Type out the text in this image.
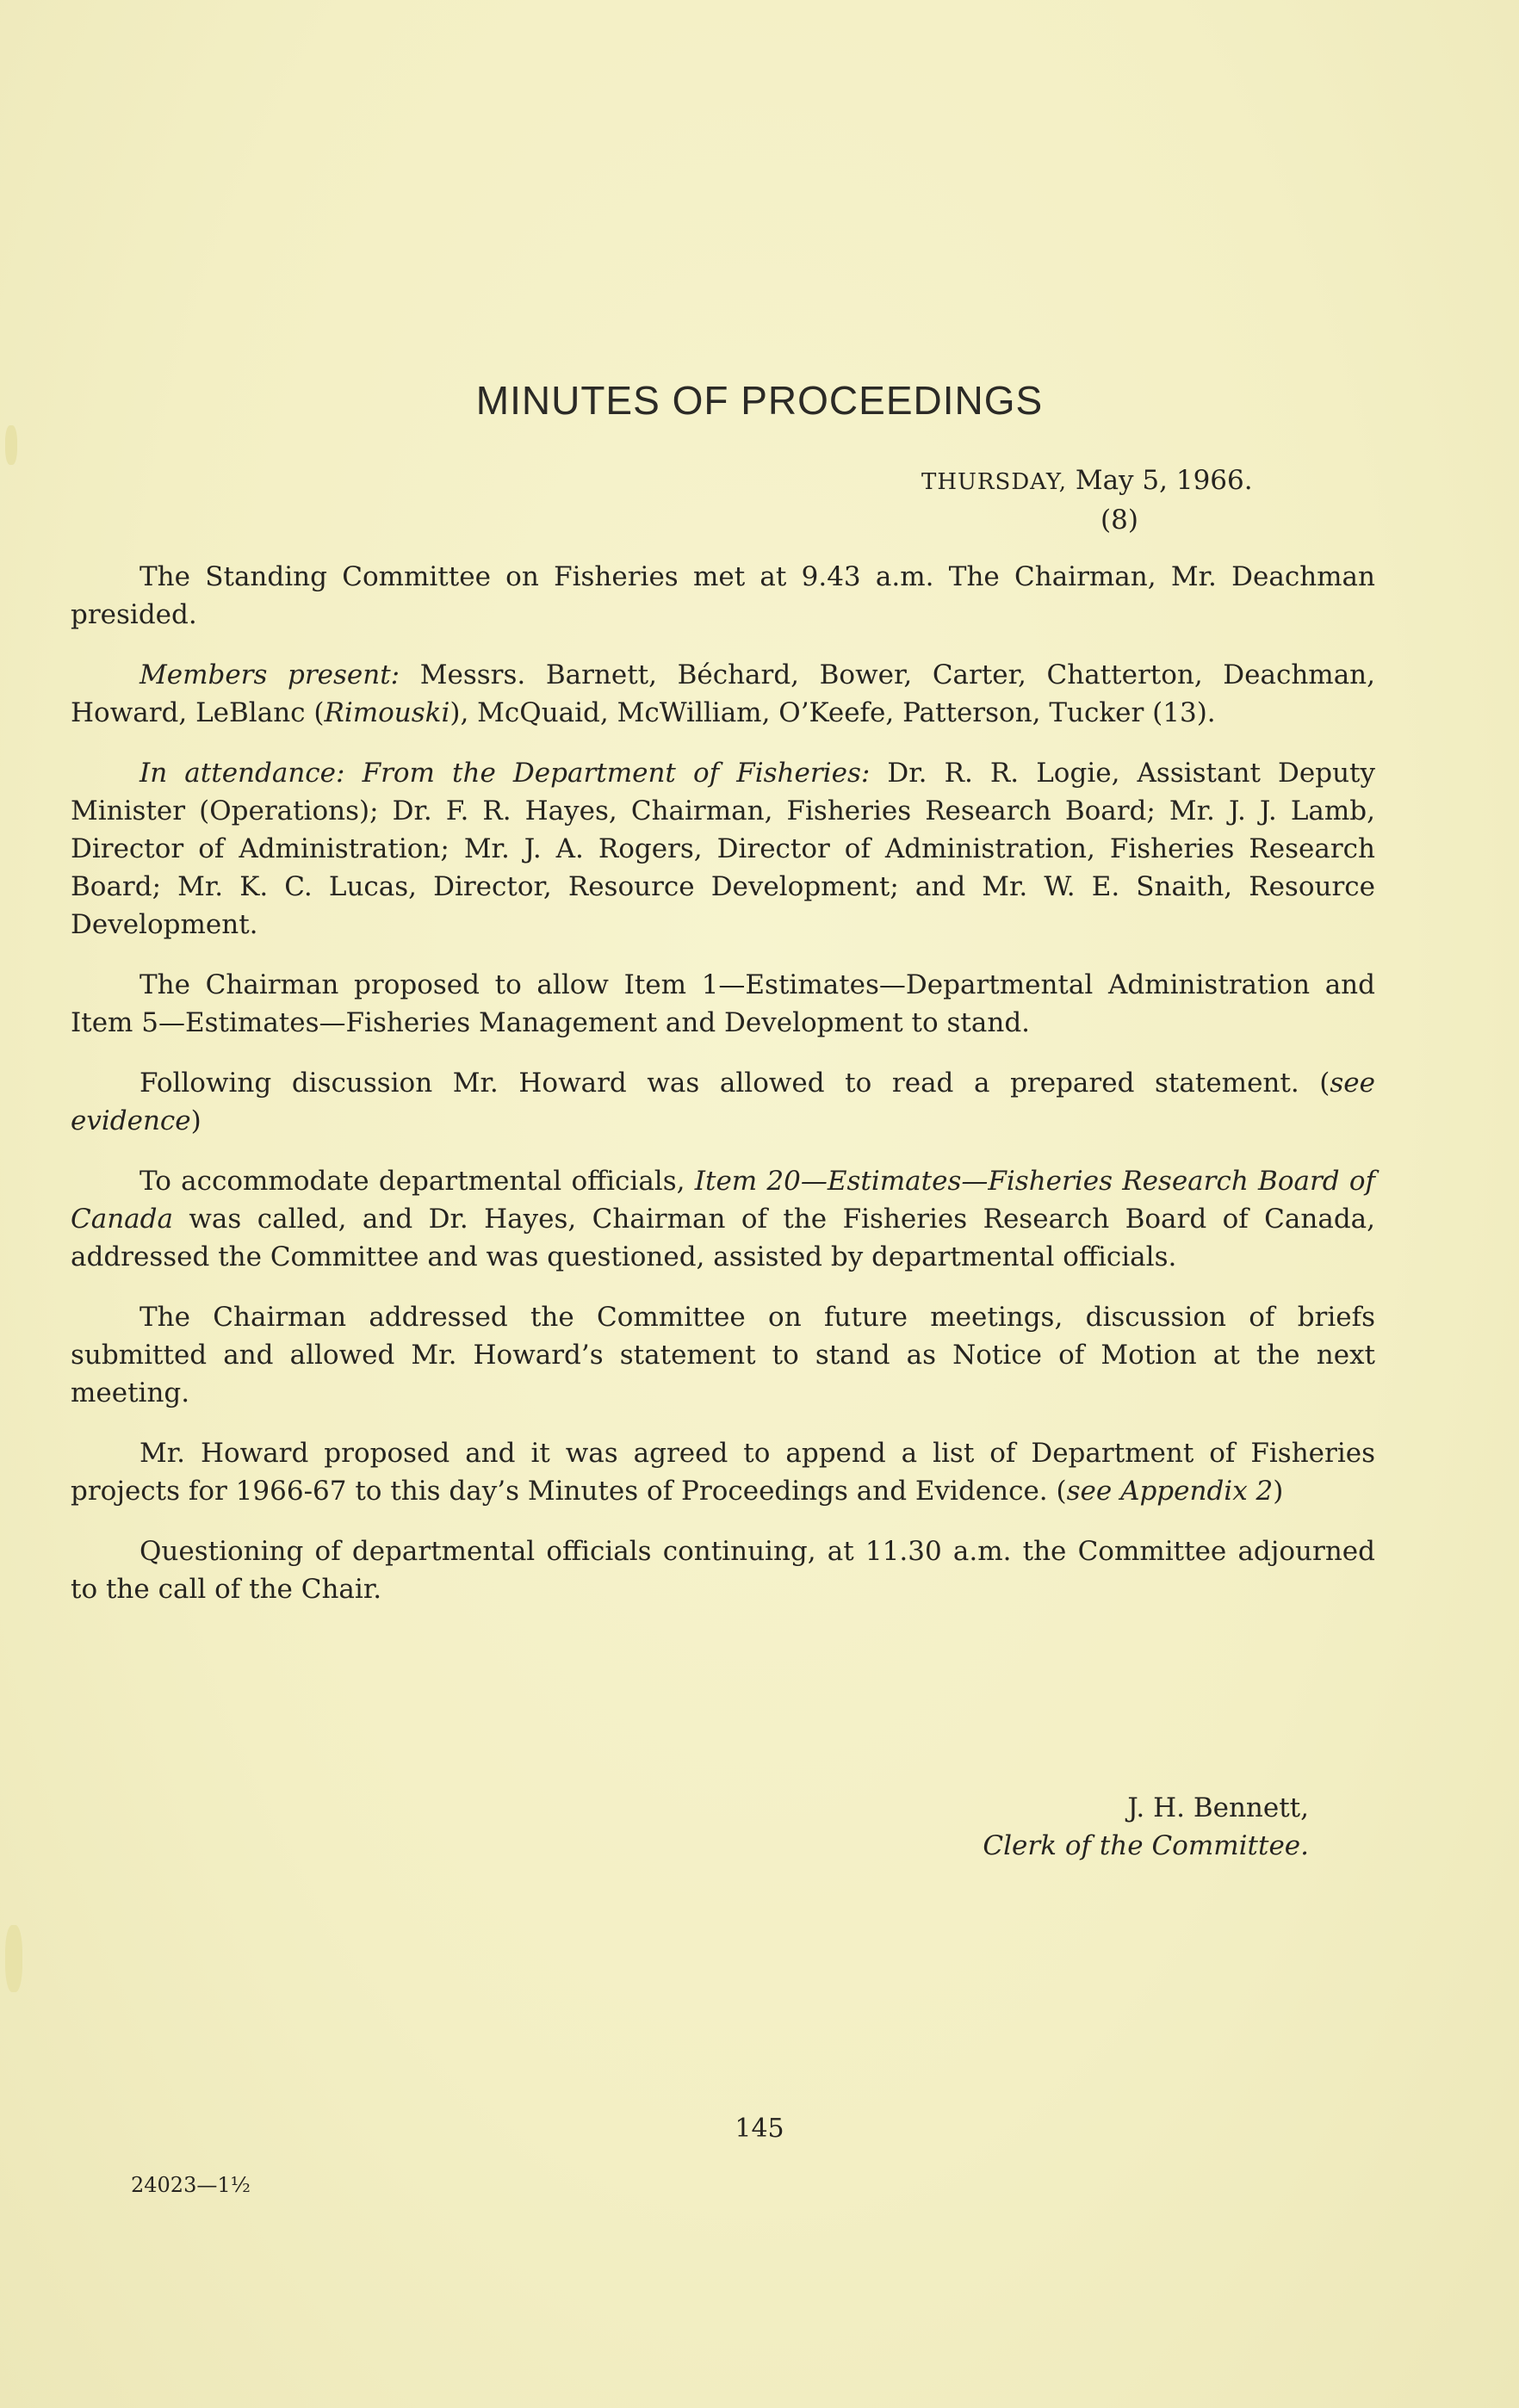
MINUTES OF PROCEEDINGS
THURSDAY, May 5, 1966.
(8)

The Standing Committee on Fisheries met at 9.43 a.m. The Chairman, Mr. Deachman presided.

Members present: Messrs. Barnett, Béchard, Bower, Carter, Chatterton, Deachman, Howard, LeBlanc (Rimouski), McQuaid, McWilliam, O’Keefe, Patterson, Tucker (13).

In attendance: From the Department of Fisheries: Dr. R. R. Logie, Assistant Deputy Minister (Operations); Dr. F. R. Hayes, Chairman, Fisheries Research Board; Mr. J. J. Lamb, Director of Administration; Mr. J. A. Rogers, Director of Administration, Fisheries Research Board; Mr. K. C. Lucas, Director, Resource Development; and Mr. W. E. Snaith, Resource Development.

The Chairman proposed to allow Item 1—Estimates—Departmental Administration and Item 5—Estimates—Fisheries Management and Development to stand.

Following discussion Mr. Howard was allowed to read a prepared statement. (see evidence)

To accommodate departmental officials, Item 20—Estimates—Fisheries Research Board of Canada was called, and Dr. Hayes, Chairman of the Fisheries Research Board of Canada, addressed the Committee and was questioned, assisted by departmental officials.

The Chairman addressed the Committee on future meetings, discussion of briefs submitted and allowed Mr. Howard’s statement to stand as Notice of Motion at the next meeting.

Mr. Howard proposed and it was agreed to append a list of Department of Fisheries projects for 1966-67 to this day’s Minutes of Proceedings and Evidence. (see Appendix 2)

Questioning of departmental officials continuing, at 11.30 a.m. the Committee adjourned to the call of the Chair.

J. H. Bennett,
Clerk of the Committee.
145
24023—1½
